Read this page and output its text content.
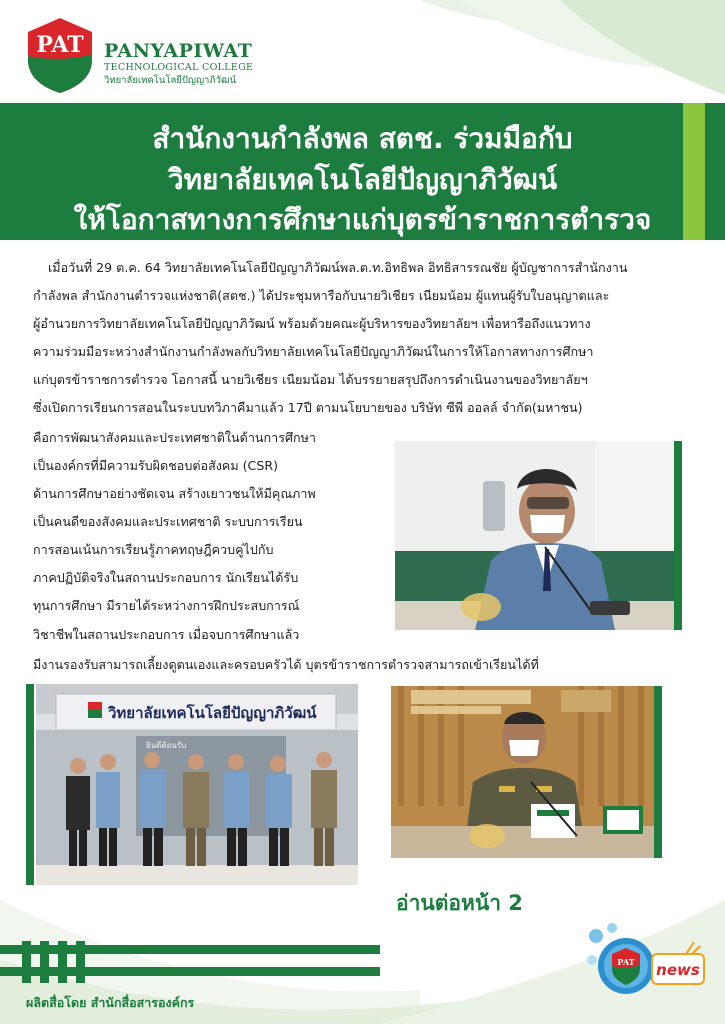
PAT PANYAPIWAT
TECHNOLOGICAL COLLEGE
วิทยาลัยเทคโนโลยีปัญญาภิวัฒน์
สำนักงานกำลังพล สตช. ร่วมมือกับ
วิทยาลัยเทคโนโลยีปัญญาภิวัฒน์
ให้โอกาสทางการศึกษาแก่บุตรข้าราชการตำรวจ
เมื่อวันที่ 29 ต.ค. 64 วิทยาลัยเทคโนโลยีปัญญาภิวัฒน์พล.ต.ท.อิทธิพล อิทธิสารรณชัย ผู้บัญชาการสำนักงาน
กำลังพล สำนักงานตำรวจแห่งชาติ(สตช.) ได้ประชุมหารือกับนายวิเชียร เนียมน้อม ผู้แทนผู้รับใบอนุญาตและ
ผู้อำนวยการวิทยาลัยเทคโนโลยีปัญญาภิวัฒน์ พร้อมด้วยคณะผู้บริหารของวิทยาลัยฯ เพื่อหารือถึงแนวทาง
ความร่วมมือระหว่างสำนักงานกำลังพลกับวิทยาลัยเทคโนโลยีปัญญาภิวัฒน์ในการให้โอกาสทางการศึกษา
แก่บุตรข้าราชการตำรวจ โอกาสนี้ นายวิเชียร เนียมน้อม ได้บรรยายสรุปถึงการดำเนินงานของวิทยาลัยฯ
ซึ่งเปิดการเรียนการสอนในระบบทวิภาคีมาแล้ว 17ปี ตามนโยบายของ บริษัท ซีพี ออลล์ จำกัด(มหาชน)
คือการพัฒนาสังคมและประเทศชาติในด้านการศึกษา
เป็นองค์กรที่มีความรับผิดชอบต่อสังคม (CSR)
ด้านการศึกษาอย่างชัดเจน สร้างเยาวชนให้มีคุณภาพ
เป็นคนดีของสังคมและประเทศชาติ ระบบการเรียน
การสอนเน้นการเรียนรู้ภาคทฤษฎีควบคู่ไปกับ
ภาคปฏิบัติจริงในสถานประกอบการ นักเรียนได้รับ
ทุนการศึกษา มีรายได้ระหว่างการฝึกประสบการณ์
วิชาชีพในสถานประกอบการ เมื่อจบการศึกษาแล้ว
มีงานรองรับสามารถเลี้ยงดูตนเองและครอบครัวได้ บุตรข้าราชการตำรวจสามารถเข้าเรียนได้ที่
วิทยาลัยเทคโนโลยีปัญญาภิวัฒน์
ยินดีต้อนรับ
อ่านต่อหน้า 2
ผลิตสื่อโดย สำนักสื่อสารองค์กร
PAT news
